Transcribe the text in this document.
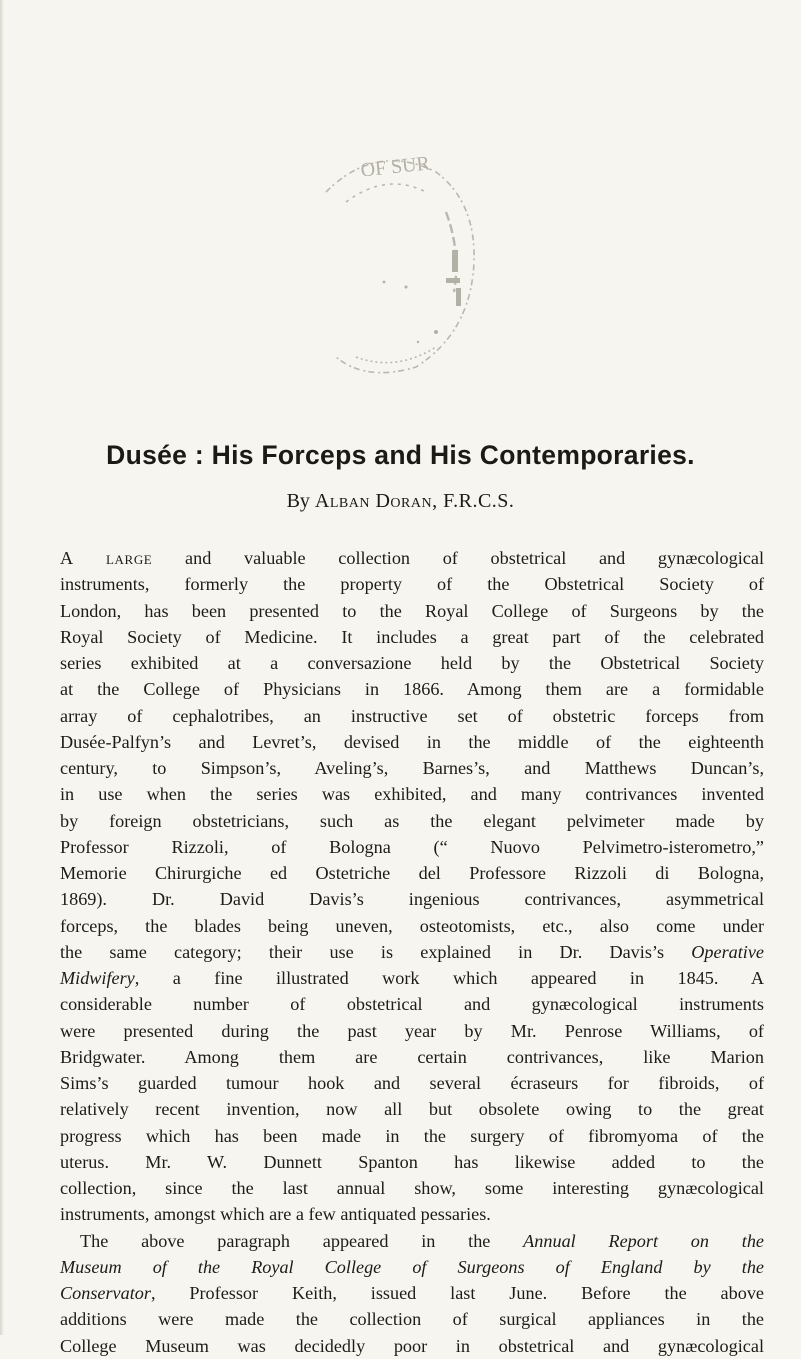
OF SUR
Dusée : His Forceps and His Contemporaries.

By Alban Doran, F.R.C.S.

A large and valuable collection of obstetrical and gynæcological
instruments, formerly the property of the Obstetrical Society of
London, has been presented to the Royal College of Surgeons by the
Royal Society of Medicine. It includes a great part of the celebrated
series exhibited at a conversazione held by the Obstetrical Society
at the College of Physicians in 1866. Among them are a formidable
array of cephalotribes, an instructive set of obstetric forceps from
Dusée-Palfyn’s and Levret’s, devised in the middle of the eighteenth
century, to Simpson’s, Aveling’s, Barnes’s, and Matthews Duncan’s,
in use when the series was exhibited, and many contrivances invented
by foreign obstetricians, such as the elegant pelvimeter made by
Professor Rizzoli, of Bologna (“ Nuovo Pelvimetro-isterometro,”
Memorie Chirurgiche ed Ostetriche del Professore Rizzoli di Bologna,
1869). Dr. David Davis’s ingenious contrivances, asymmetrical
forceps, the blades being uneven, osteotomists, etc., also come under
the same category; their use is explained in Dr. Davis’s Operative
Midwifery, a fine illustrated work which appeared in 1845. A
considerable number of obstetrical and gynæcological instruments
were presented during the past year by Mr. Penrose Williams, of
Bridgwater. Among them are certain contrivances, like Marion
Sims’s guarded tumour hook and several écraseurs for fibroids, of
relatively recent invention, now all but obsolete owing to the great
progress which has been made in the surgery of fibromyoma of the
uterus. Mr. W. Dunnett Spanton has likewise added to the
collection, since the last annual show, some interesting gynæcological
instruments, amongst which are a few antiquated pessaries.
The above paragraph appeared in the Annual Report on the
Museum of the Royal College of Surgeons of England by the
Conservator, Professor Keith, issued last June. Before the above
additions were made the collection of surgical appliances in the
College Museum was decidedly poor in obstetrical and gynæcological
